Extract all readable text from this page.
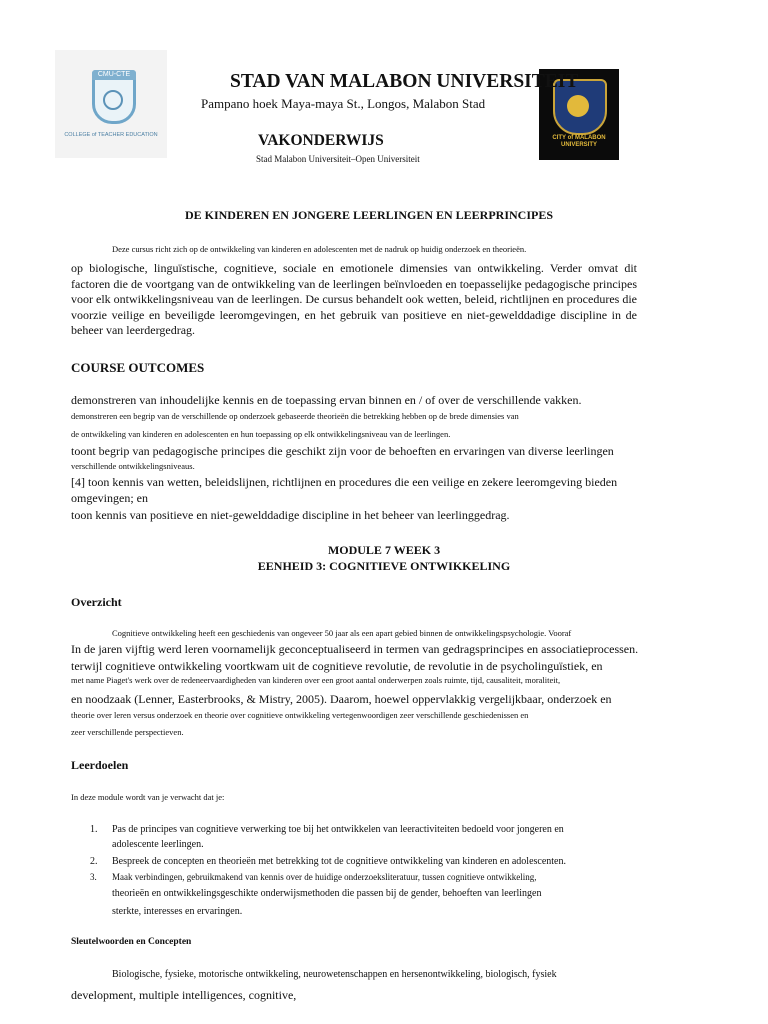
CMU-CTE
COLLEGE of TEACHER EDUCATION	CITY of MALABON UNIVERSITY
STAD VAN MALABON UNIVERSITEIT
Pampano hoek Maya-maya St., Longos, Malabon Stad
VAKONDERWIJS
Stad Malabon Universiteit–Open Universiteit
DE KINDEREN EN JONGERE LEERLINGEN EN LEERPRINCIPES
Deze cursus richt zich op de ontwikkeling van kinderen en adolescenten met de nadruk op huidig onderzoek en theorieën.
op biologische, linguïstische, cognitieve, sociale en emotionele dimensies van ontwikkeling. Verder omvat dit factoren die de voortgang van de ontwikkeling van de leerlingen beïnvloeden en toepasselijke pedagogische principes voor elk ontwikkelingsniveau van de leerlingen. De cursus behandelt ook wetten, beleid, richtlijnen en procedures die voorzie veilige en beveiligde leeromgevingen, en het gebruik van positieve en niet-gewelddadige discipline in de beheer van leerdergedrag.
COURSE OUTCOMES
demonstreren van inhoudelijke kennis en de toepassing ervan binnen en / of over de verschillende vakken.
demonstreren een begrip van de verschillende op onderzoek gebaseerde theorieën die betrekking hebben op de brede dimensies van
de ontwikkeling van kinderen en adolescenten en hun toepassing op elk ontwikkelingsniveau van de leerlingen.
toont begrip van pedagogische principes die geschikt zijn voor de behoeften en ervaringen van diverse leerlingen
verschillende ontwikkelingsniveaus.
[4] toon kennis van wetten, beleidslijnen, richtlijnen en procedures die een veilige en zekere leeromgeving bieden
omgevingen; en
toon kennis van positieve en niet-gewelddadige discipline in het beheer van leerlinggedrag.
MODULE 7 WEEK 3
EENHEID 3: COGNITIEVE ONTWIKKELING
Overzicht
Cognitieve ontwikkeling heeft een geschiedenis van ongeveer 50 jaar als een apart gebied binnen de ontwikkelingspsychologie. Vooraf
In de jaren vijftig werd leren voornamelijk geconceptualiseerd in termen van gedragsprincipes en associatieprocessen.
terwijl cognitieve ontwikkeling voortkwam uit de cognitieve revolutie, de revolutie in de psycholinguïstiek, en
met name Piaget's werk over de redeneervaardigheden van kinderen over een groot aantal onderwerpen zoals ruimte, tijd, causaliteit, moraliteit,
en noodzaak (Lenner, Easterbrooks, & Mistry, 2005). Daarom, hoewel oppervlakkig vergelijkbaar, onderzoek en
theorie over leren versus onderzoek en theorie over cognitieve ontwikkeling vertegenwoordigen zeer verschillende geschiedenissen en
zeer verschillende perspectieven.
Leerdoelen
In deze module wordt van je verwacht dat je:
1. Pas de principes van cognitieve verwerking toe bij het ontwikkelen van leeractiviteiten bedoeld voor jongeren en
adolescente leerlingen.
2. Bespreek de concepten en theorieën met betrekking tot de cognitieve ontwikkeling van kinderen en adolescenten.
3. Maak verbindingen, gebruikmakend van kennis over de huidige onderzoeksliteratuur, tussen cognitieve ontwikkeling,
theorieën en ontwikkelingsgeschikte onderwijsmethoden die passen bij de gender, behoeften van leerlingen
sterkte, interesses en ervaringen.
Sleutelwoorden en Concepten
Biologische, fysieke, motorische ontwikkeling, neurowetenschappen en hersenontwikkeling, biologisch, fysiek
development, multiple intelligences, cognitive,
